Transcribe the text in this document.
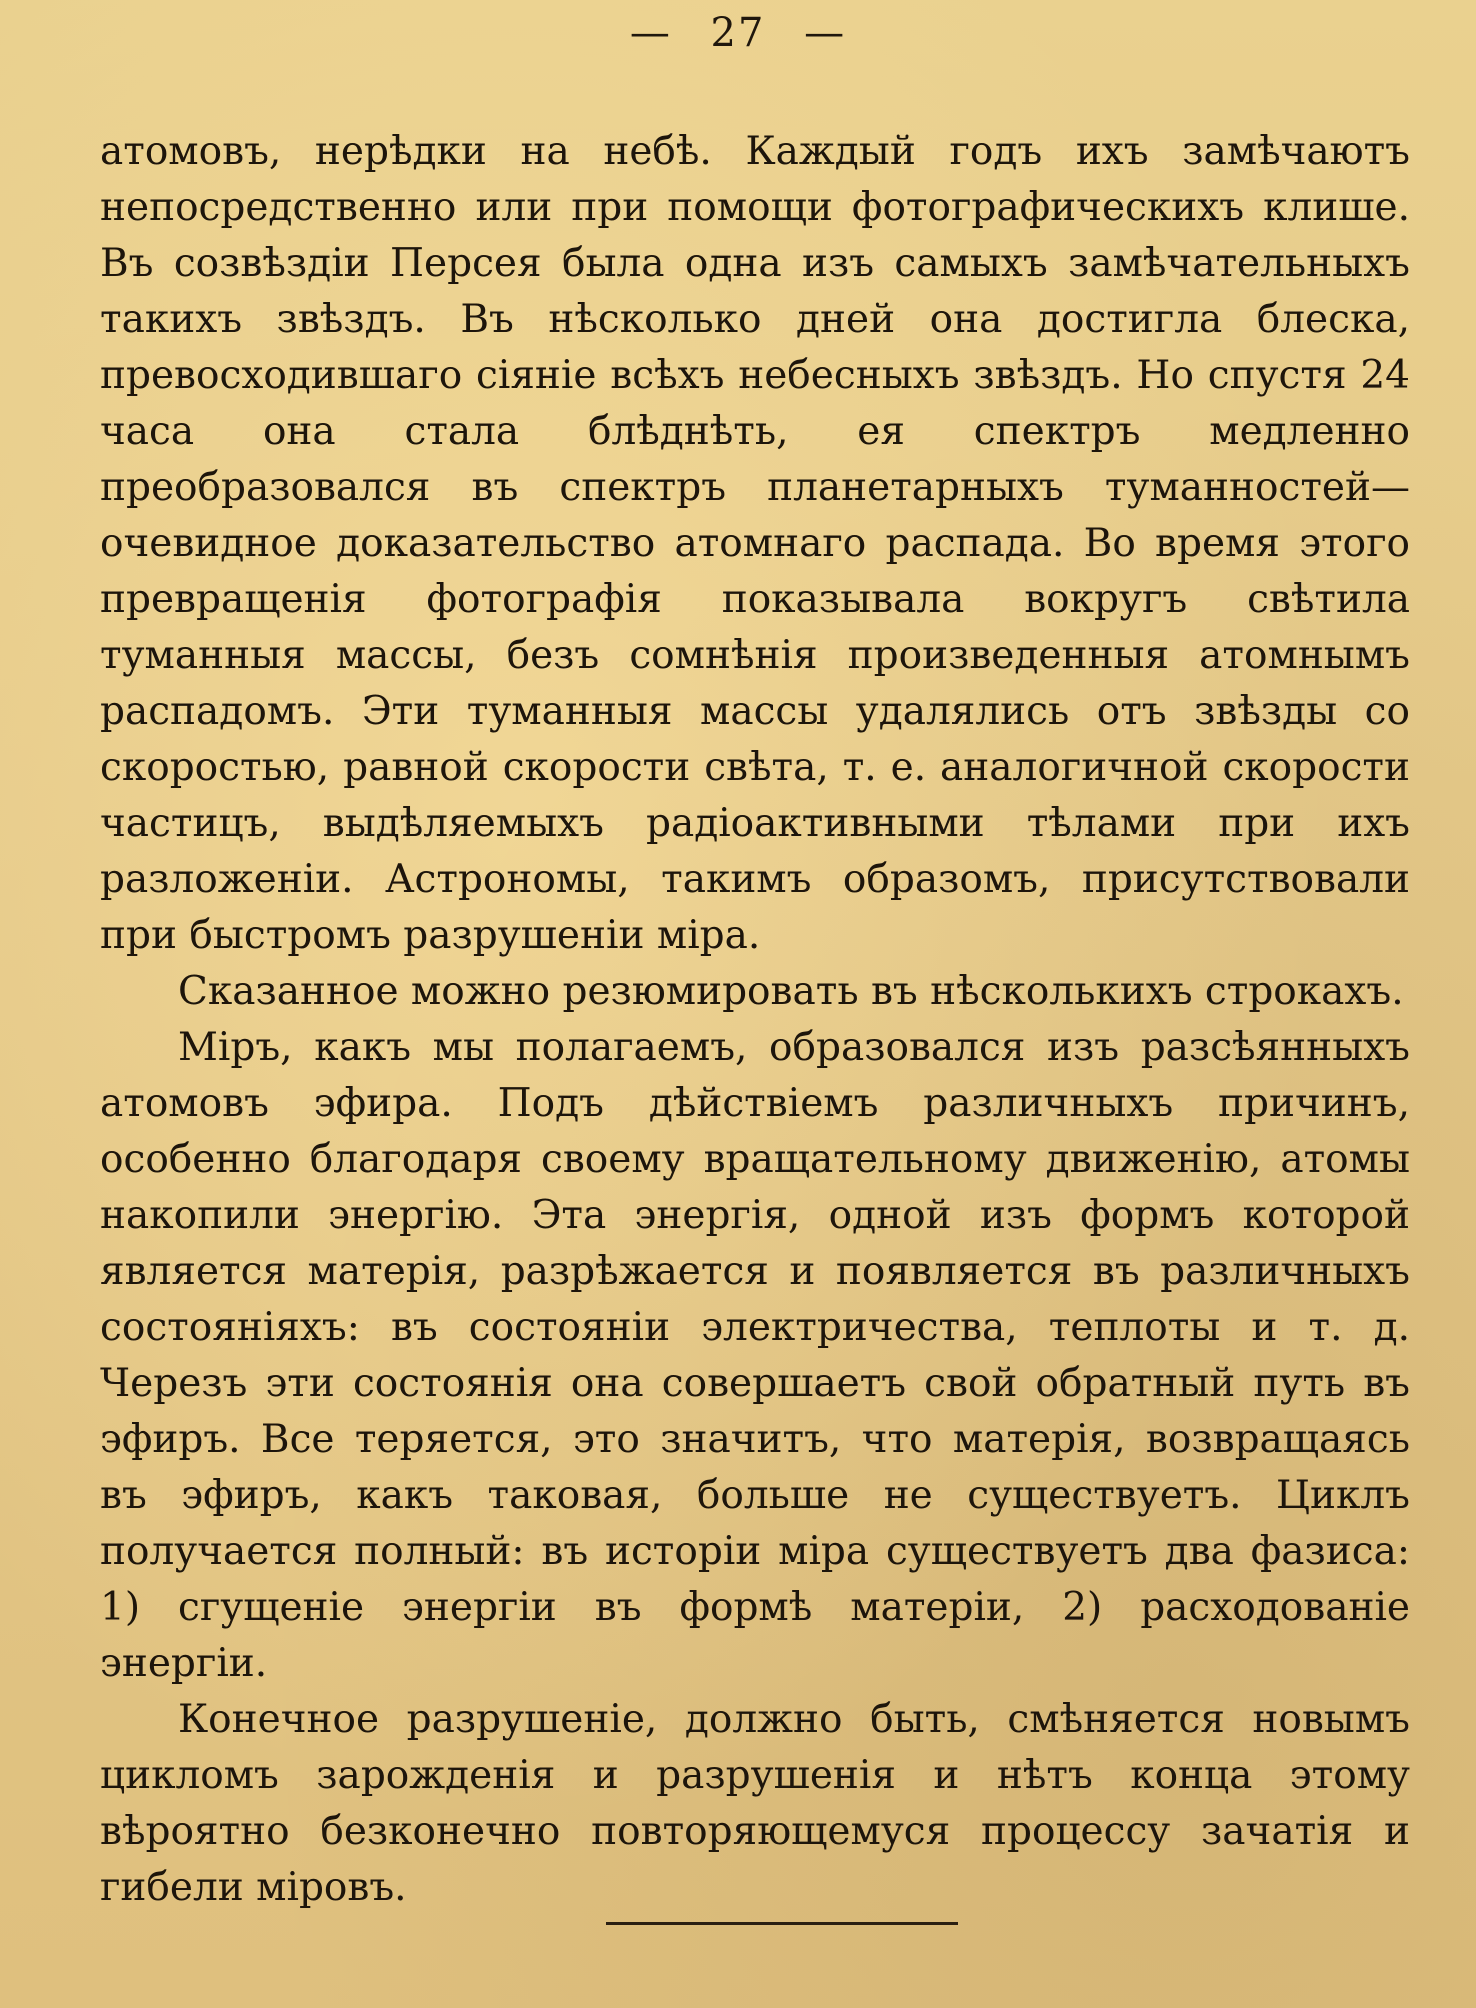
— 27 —

атомовъ, нерѣдки на небѣ. Каждый годъ ихъ замѣчаютъ непосредственно или при помощи фотографическихъ клише. Въ созвѣздіи Персея была одна изъ самыхъ замѣчательныхъ такихъ звѣздъ. Въ нѣсколько дней она достигла блеска, превосходившаго сіяніе всѣхъ небесныхъ звѣздъ. Но спустя 24 часа она стала блѣднѣть, ея спектръ медленно преобразовался въ спектръ планетарныхъ туманностей—очевидное доказательство атомнаго распада. Во время этого превращенія фотографія показывала вокругъ свѣтила туманныя массы, безъ сомнѣнія произведенныя атомнымъ распадомъ. Эти туманныя массы удалялись отъ звѣзды со скоростью, равной скорости свѣта, т. е. аналогичной скорости частицъ, выдѣляемыхъ радіоактивными тѣлами при ихъ разложеніи. Астрономы, такимъ образомъ, присутствовали при быстромъ разрушеніи міра.

Сказанное можно резюмировать въ нѣсколькихъ строкахъ.

Міръ, какъ мы полагаемъ, образовался изъ разсѣянныхъ атомовъ эфира. Подъ дѣйствіемъ различныхъ причинъ, особенно благодаря своему вращательному движенію, атомы накопили энергію. Эта энергія, одной изъ формъ которой является матерія, разрѣжается и появляется въ различныхъ состояніяхъ: въ состояніи электричества, теплоты и т. д. Черезъ эти состоянія она совершаетъ свой обратный путь въ эфиръ. Все теряется, это значитъ, что матерія, возвращаясь въ эфиръ, какъ таковая, больше не существуетъ. Циклъ получается полный: въ исторіи міра существуетъ два фазиса: 1) сгущеніе энергіи въ формѣ матеріи, 2) расходованіе энергіи.

Конечное разрушеніе, должно быть, смѣняется новымъ цикломъ зарожденія и разрушенія и нѣтъ конца этому вѣроятно безконечно повторяющемуся процессу зачатія и гибели міровъ.
